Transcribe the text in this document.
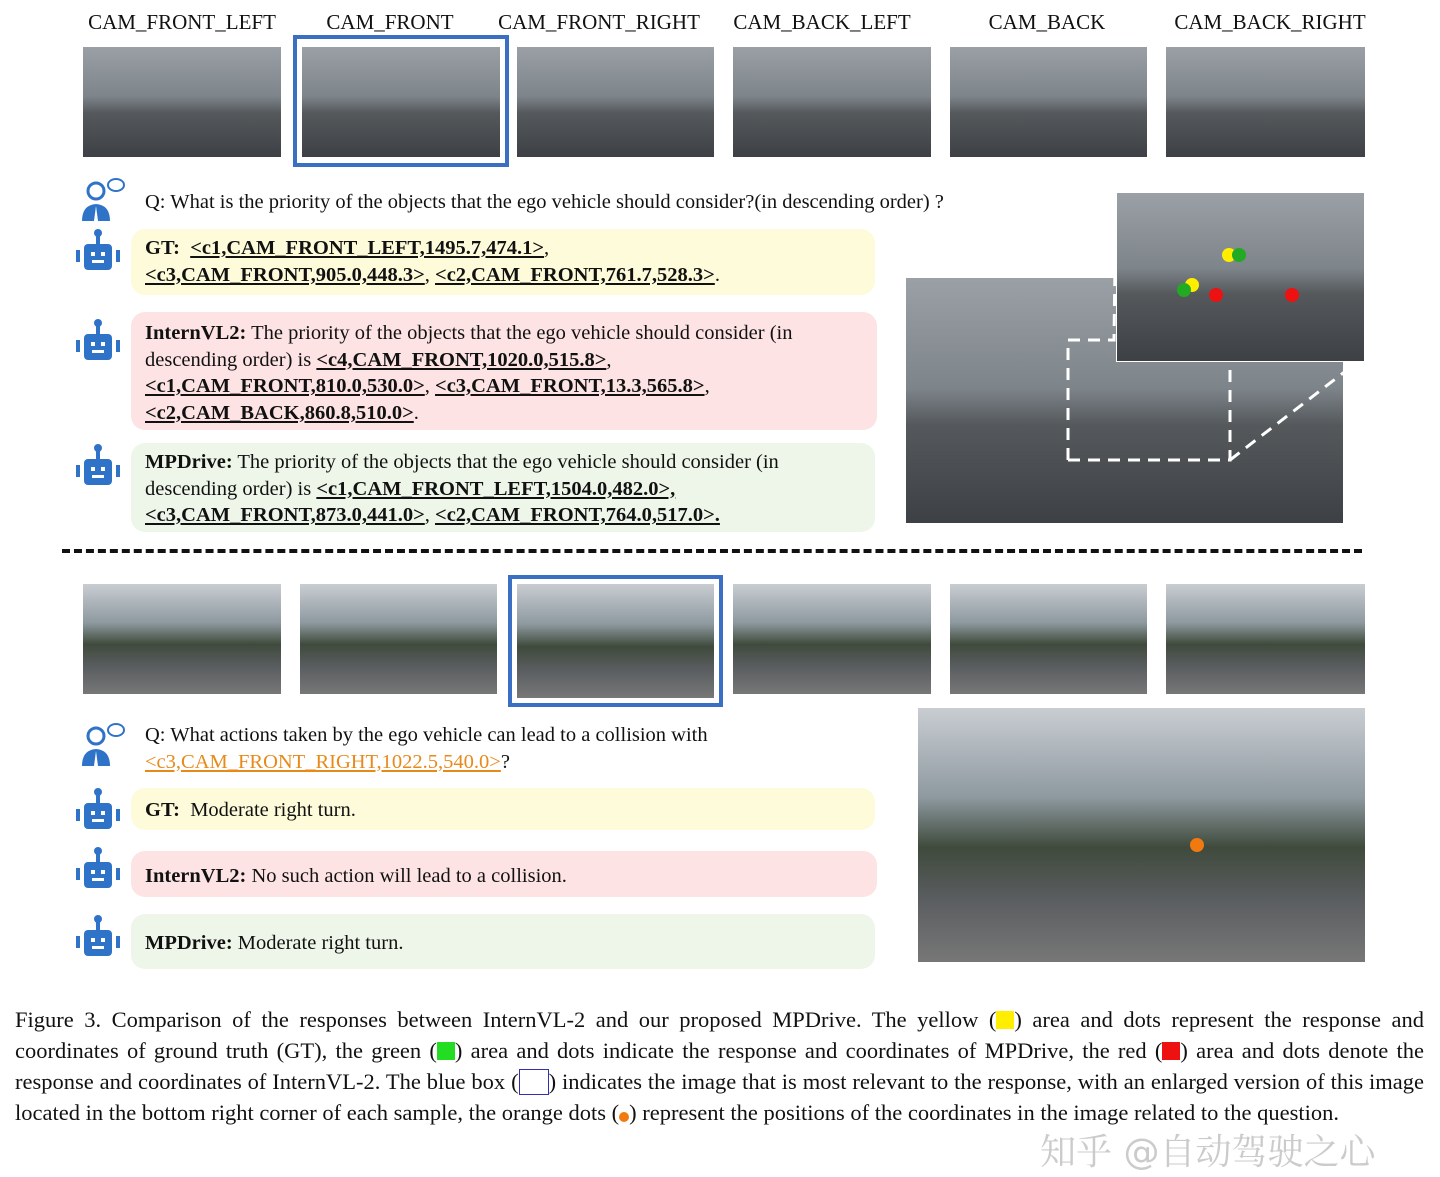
CAM_FRONT_LEFT	CAM_FRONT	CAM_FRONT_RIGHT	CAM_BACK_LEFT	CAM_BACK	CAM_BACK_RIGHT
Q: What is the priority of the objects that the ego vehicle should consider?(in descending order) ?
GT: <c1,CAM_FRONT_LEFT,1495.7,474.1>,
<c3,CAM_FRONT,905.0,448.3>, <c2,CAM_FRONT,761.7,528.3>.
InternVL2: The priority of the objects that the ego vehicle should consider (in
descending order) is <c4,CAM_FRONT,1020.0,515.8>,
<c1,CAM_FRONT,810.0,530.0>, <c3,CAM_FRONT,13.3,565.8>,
<c2,CAM_BACK,860.8,510.0>.
MPDrive: The priority of the objects that the ego vehicle should consider (in
descending order) is <c1,CAM_FRONT_LEFT,1504.0,482.0>,
<c3,CAM_FRONT,873.0,441.0>, <c2,CAM_FRONT,764.0,517.0>.
Q: What actions taken by the ego vehicle can lead to a collision with
<c3,CAM_FRONT_RIGHT,1022.5,540.0>?
GT:  Moderate right turn.
InternVL2: No such action will lead to a collision.
MPDrive: Moderate right turn.
Figure 3. Comparison of the responses between InternVL-2 and our proposed MPDrive. The yellow ( ) area and dots represent the response and coordinates of ground truth (GT), the green ( ) area and dots indicate the response and coordinates of MPDrive, the red ( ) area and dots denote the response and coordinates of InternVL-2. The blue box ( ) indicates the image that is most relevant to the response, with an enlarged version of this image located in the bottom right corner of each sample, the orange dots ( ) represent the positions of the coordinates in the image related to the question.
知乎 @自动驾驶之心
